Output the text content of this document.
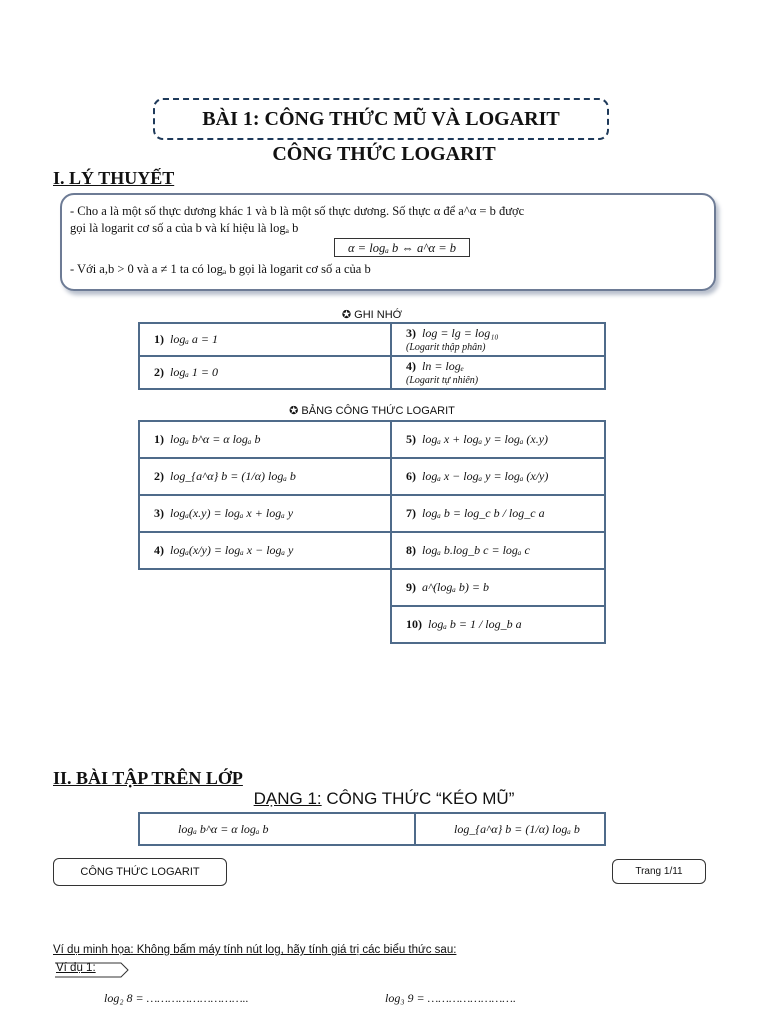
BÀI 1: CÔNG THỨC MŨ VÀ LOGARIT
CÔNG THỨC LOGARIT
I. LÝ THUYẾT
- Cho a là một số thực dương khác 1 và b là một số thực dương. Số thực α để a^α = b được
gọi là logarit cơ số a của b và kí hiệu là logₐ b
α = logₐ b ⇔ a^α = b
- Với a,b > 0 và a ≠ 1 ta có logₐ b gọi là logarit cơ số a của b
✪ GHI NHỚ
1) logₐ a = 1	3) log = lg = log₁₀
(Logarit thập phân)

2) logₐ 1 = 0	4) ln = logₑ
(Logarit tự nhiên)
✪ BẢNG CÔNG THỨC LOGARIT
1) logₐ b^α = α logₐ b	5) logₐ x + logₐ y = logₐ (x.y)
2) log_{a^α} b = (1/α) logₐ b	6) logₐ x − logₐ y = logₐ (x/y)
3) logₐ(x.y) = logₐ x + logₐ y	7) logₐ b = log_c b / log_c a
4) logₐ(x/y) = logₐ x − logₐ y	8) logₐ b.log_b c = logₐ c
	9) a^(logₐ b) = b
	10) logₐ b = 1 / log_b a
II. BÀI TẬP TRÊN LỚP
DẠNG 1: CÔNG THỨC “KÉO MŨ”
logₐ b^α = α logₐ b	log_{a^α} b = (1/α) logₐ b
CÔNG THỨC LOGARIT	Trang 1/11
Ví dụ minh họa: Không bấm máy tính nút log, hãy tính giá trị các biểu thức sau:
Ví dụ 1:
log₂ 8 = ………………………..	log₃ 9 = …………………….
